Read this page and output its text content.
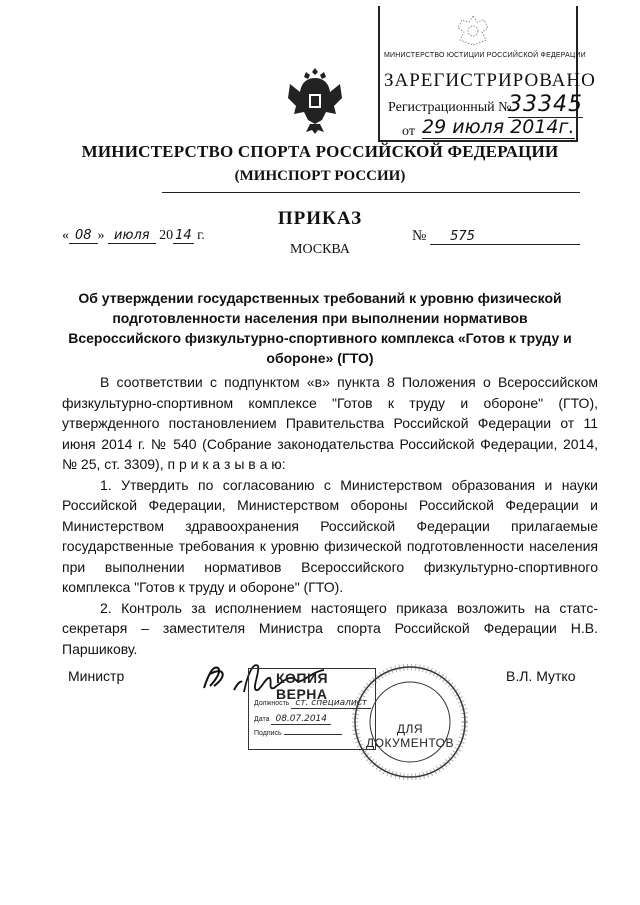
МИНИСТЕРСТВО ЮСТИЦИИ РОССИЙСКОЙ ФЕДЕРАЦИИ
ЗАРЕГИСТРИРОВАНО
Регистрационный №
33345
от 29 июля 2014г.
МИНИСТЕРСТВО СПОРТА РОССИЙСКОЙ ФЕДЕРАЦИИ
(МИНСПОРТ РОССИИ)
ПРИКАЗ
« 08 » июля 20 14 г.
МОСКВА
№ 575
Об утверждении государственных требований к уровню физической подготовленности населения при выполнении нормативов Всероссийского физкультурно-спортивного комплекса «Готов к труду и обороне» (ГТО)

В соответствии с подпунктом «в» пункта 8 Положения о Всероссийском физкультурно-спортивном комплексе "Готов к труду и обороне" (ГТО), утвержденного постановлением Правительства Российской Федерации от 11 июня 2014 г. № 540 (Собрание законодательства Российской Федерации, 2014, № 25, ст. 3309), п р и к а з ы в а ю:

1. Утвердить по согласованию с Министерством образования и науки Российской Федерации, Министерством обороны Российской Федерации и Министерством здравоохранения Российской Федерации прилагаемые государственные требования к уровню физической подготовленности населения при выполнении нормативов Всероссийского физкультурно-спортивного комплекса "Готов к труду и обороне" (ГТО).

2. Контроль за исполнением настоящего приказа возложить на статс-секретаря – заместителя Министра спорта Российской Федерации Н.В. Паршикову.

Министр
ДЛЯ
ДОКУМЕНТОВ
КОПИЯ ВЕРНА
Должность ст. специалист
Дата 08.07.2014
Подпись
В.Л. Мутко
